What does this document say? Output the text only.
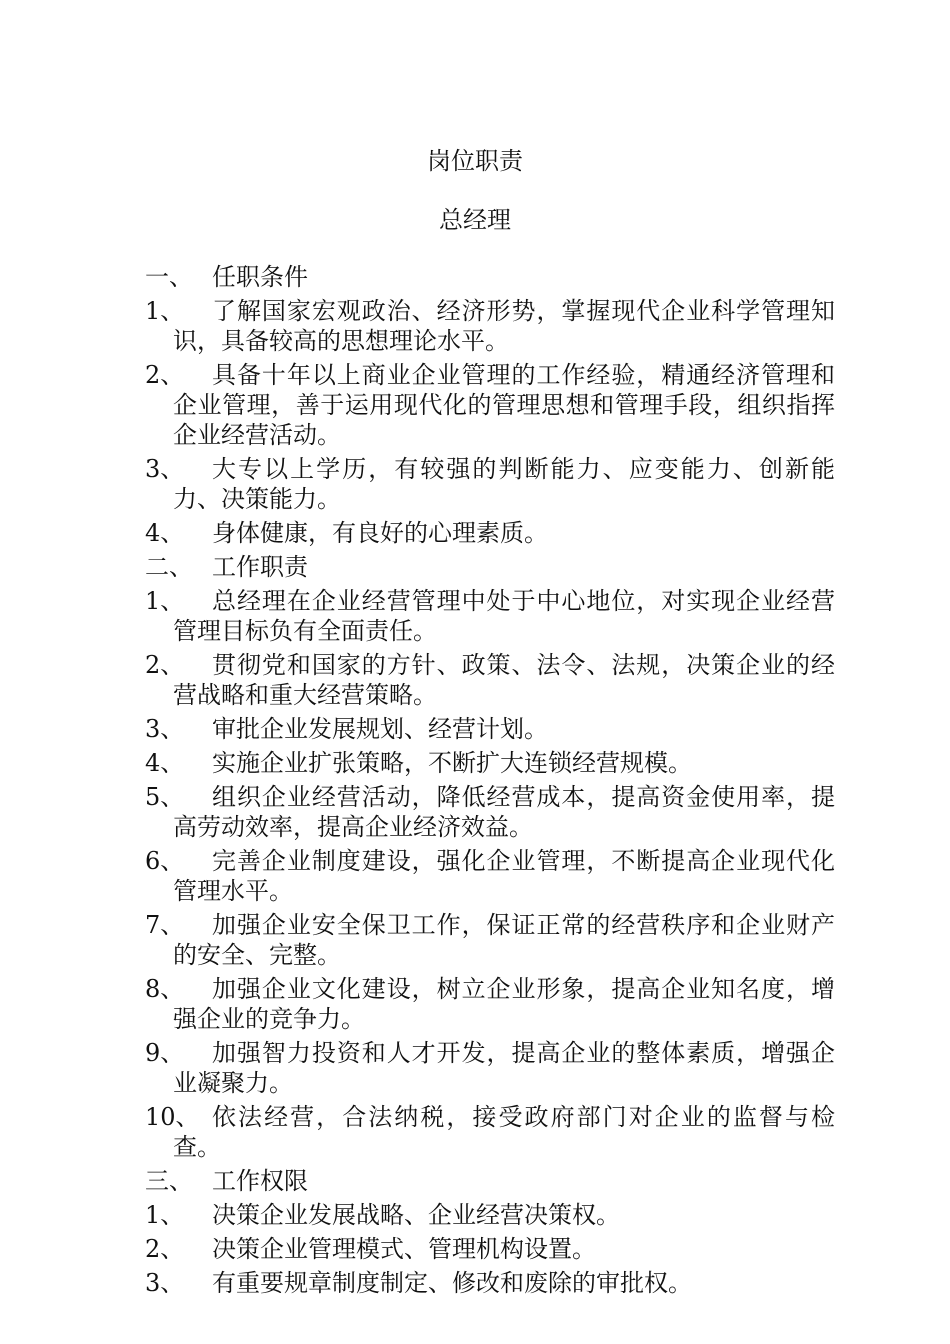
岗位职责
总经理
一、 任职条件
1、	了解国家宏观政治、经济形势，掌握现代企业科学管理知识，具备较高的思想理论水平。
2、	具备十年以上商业企业管理的工作经验，精通经济管理和企业管理，善于运用现代化的管理思想和管理手段，组织指挥企业经营活动。
3、	大专以上学历，有较强的判断能力、应变能力、创新能力、决策能力。
4、	身体健康，有良好的心理素质。
二、 工作职责
1、	总经理在企业经营管理中处于中心地位，对实现企业经营管理目标负有全面责任。
2、	贯彻党和国家的方针、政策、法令、法规，决策企业的经营战略和重大经营策略。
3、	审批企业发展规划、经营计划。
4、	实施企业扩张策略，不断扩大连锁经营规模。
5、	组织企业经营活动，降低经营成本，提高资金使用率，提高劳动效率，提高企业经济效益。
6、	完善企业制度建设，强化企业管理，不断提高企业现代化管理水平。
7、	加强企业安全保卫工作，保证正常的经营秩序和企业财产的安全、完整。
8、	加强企业文化建设，树立企业形象，提高企业知名度，增强企业的竞争力。
9、	加强智力投资和人才开发，提高企业的整体素质，增强企业凝聚力。
10、 依法经营，合法纳税，接受政府部门对企业的监督与检查。
三、 工作权限
1、	决策企业发展战略、企业经营决策权。
2、	决策企业管理模式、管理机构设置。
3、	有重要规章制度制定、修改和废除的审批权。
